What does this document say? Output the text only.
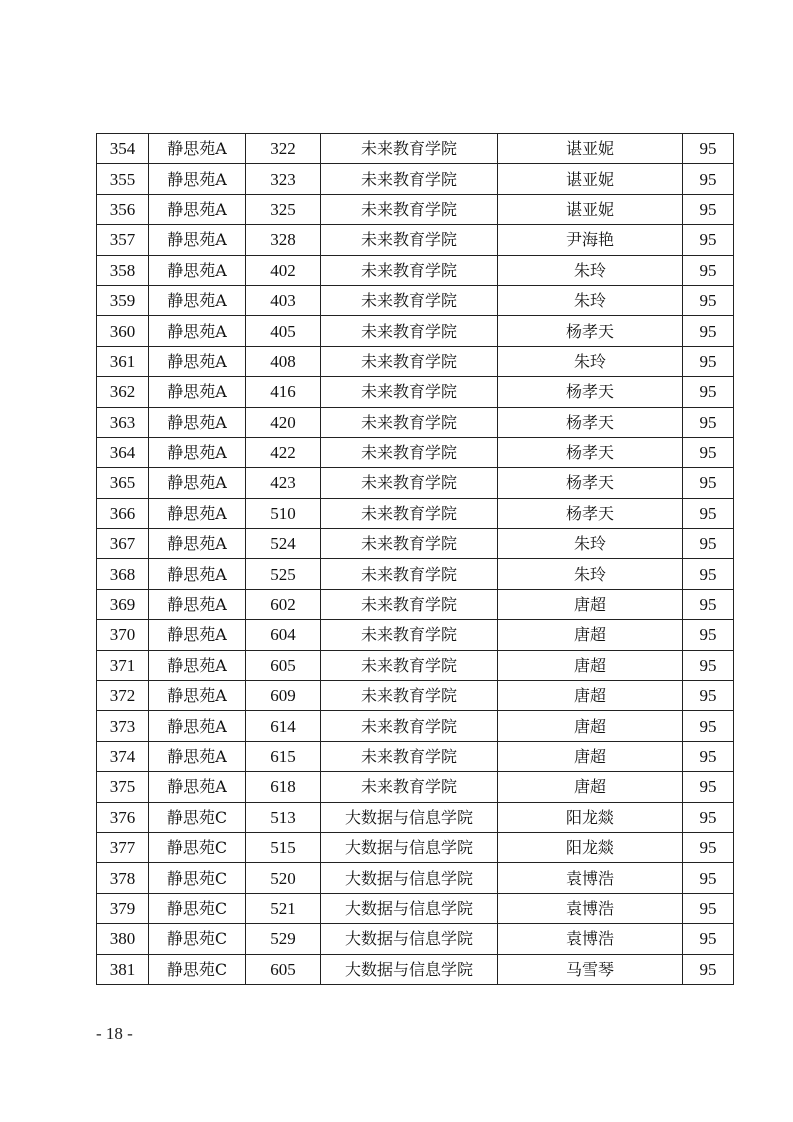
354	静思苑A	322	未来教育学院	谌亚妮	95
355	静思苑A	323	未来教育学院	谌亚妮	95
356	静思苑A	325	未来教育学院	谌亚妮	95
357	静思苑A	328	未来教育学院	尹海艳	95
358	静思苑A	402	未来教育学院	朱玲	95
359	静思苑A	403	未来教育学院	朱玲	95
360	静思苑A	405	未来教育学院	杨孝天	95
361	静思苑A	408	未来教育学院	朱玲	95
362	静思苑A	416	未来教育学院	杨孝天	95
363	静思苑A	420	未来教育学院	杨孝天	95
364	静思苑A	422	未来教育学院	杨孝天	95
365	静思苑A	423	未来教育学院	杨孝天	95
366	静思苑A	510	未来教育学院	杨孝天	95
367	静思苑A	524	未来教育学院	朱玲	95
368	静思苑A	525	未来教育学院	朱玲	95
369	静思苑A	602	未来教育学院	唐超	95
370	静思苑A	604	未来教育学院	唐超	95
371	静思苑A	605	未来教育学院	唐超	95
372	静思苑A	609	未来教育学院	唐超	95
373	静思苑A	614	未来教育学院	唐超	95
374	静思苑A	615	未来教育学院	唐超	95
375	静思苑A	618	未来教育学院	唐超	95
376	静思苑C	513	大数据与信息学院	阳龙燚	95
377	静思苑C	515	大数据与信息学院	阳龙燚	95
378	静思苑C	520	大数据与信息学院	袁博浩	95
379	静思苑C	521	大数据与信息学院	袁博浩	95
380	静思苑C	529	大数据与信息学院	袁博浩	95
381	静思苑C	605	大数据与信息学院	马雪琴	95
- 18 -
